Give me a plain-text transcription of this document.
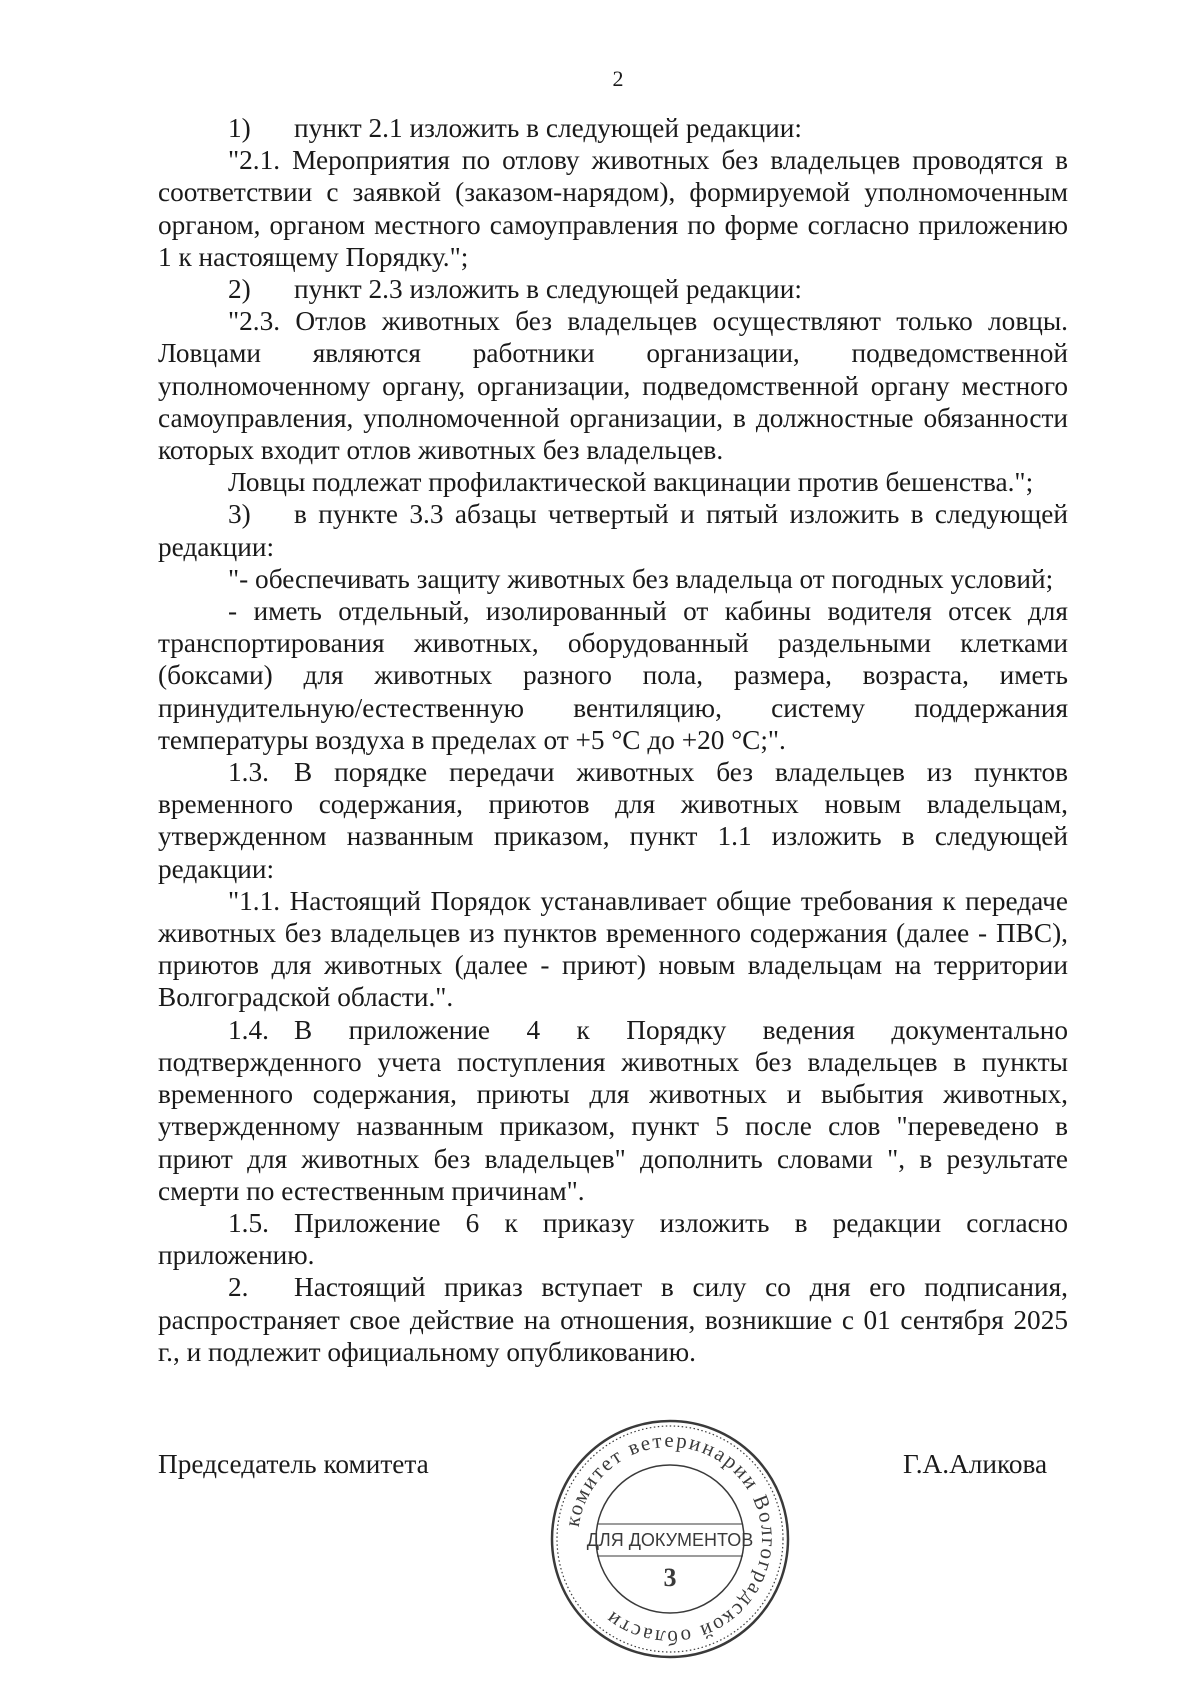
2

1) пункт 2.1 изложить в следующей редакции:

"2.1. Мероприятия по отлову животных без владельцев проводятся в соответствии с заявкой (заказом-нарядом), формируемой уполномоченным органом, органом местного самоуправления по форме согласно приложению 1 к настоящему Порядку.";

2) пункт 2.3 изложить в следующей редакции:

"2.3. Отлов животных без владельцев осуществляют только ловцы. Ловцами являются работники организации, подведомственной уполномоченному органу, организации, подведомственной органу местного самоуправления, уполномоченной организации, в должностные обязанности которых входит отлов животных без владельцев.

Ловцы подлежат профилактической вакцинации против бешенства.";

3) в пункте 3.3 абзацы четвертый и пятый изложить в следующей редакции:

"- обеспечивать защиту животных без владельца от погодных условий;

- иметь отдельный, изолированный от кабины водителя отсек для транспортирования животных, оборудованный раздельными клетками (боксами) для животных разного пола, размера, возраста, иметь принудительную/естественную вентиляцию, систему поддержания температуры воздуха в пределах от +5 °С до +20 °С;".

1.3. В порядке передачи животных без владельцев из пунктов временного содержания, приютов для животных новым владельцам, утвержденном названным приказом, пункт 1.1 изложить в следующей редакции:

"1.1. Настоящий Порядок устанавливает общие требования к передаче животных без владельцев из пунктов временного содержания (далее - ПВС), приютов для животных (далее - приют) новым владельцам на территории Волгоградской области.".

1.4. В приложение 4 к Порядку ведения документально подтвержденного учета поступления животных без владельцев в пункты временного содержания, приюты для животных и выбытия животных, утвержденному названным приказом, пункт 5 после слов "переведено в приют для животных без владельцев" дополнить словами ", в результате смерти по естественным причинам".

1.5. Приложение 6 к приказу изложить в редакции согласно приложению.

2. Настоящий приказ вступает в силу со дня его подписания, распространяет свое действие на отношения, возникшие с 01 сентября 2025 г., и подлежит официальному опубликованию.

Председатель комитета	Г.А.Аликова
комитет ветеринарии Волгоградской области
ДЛЯ ДОКУМЕНТОВ
3
